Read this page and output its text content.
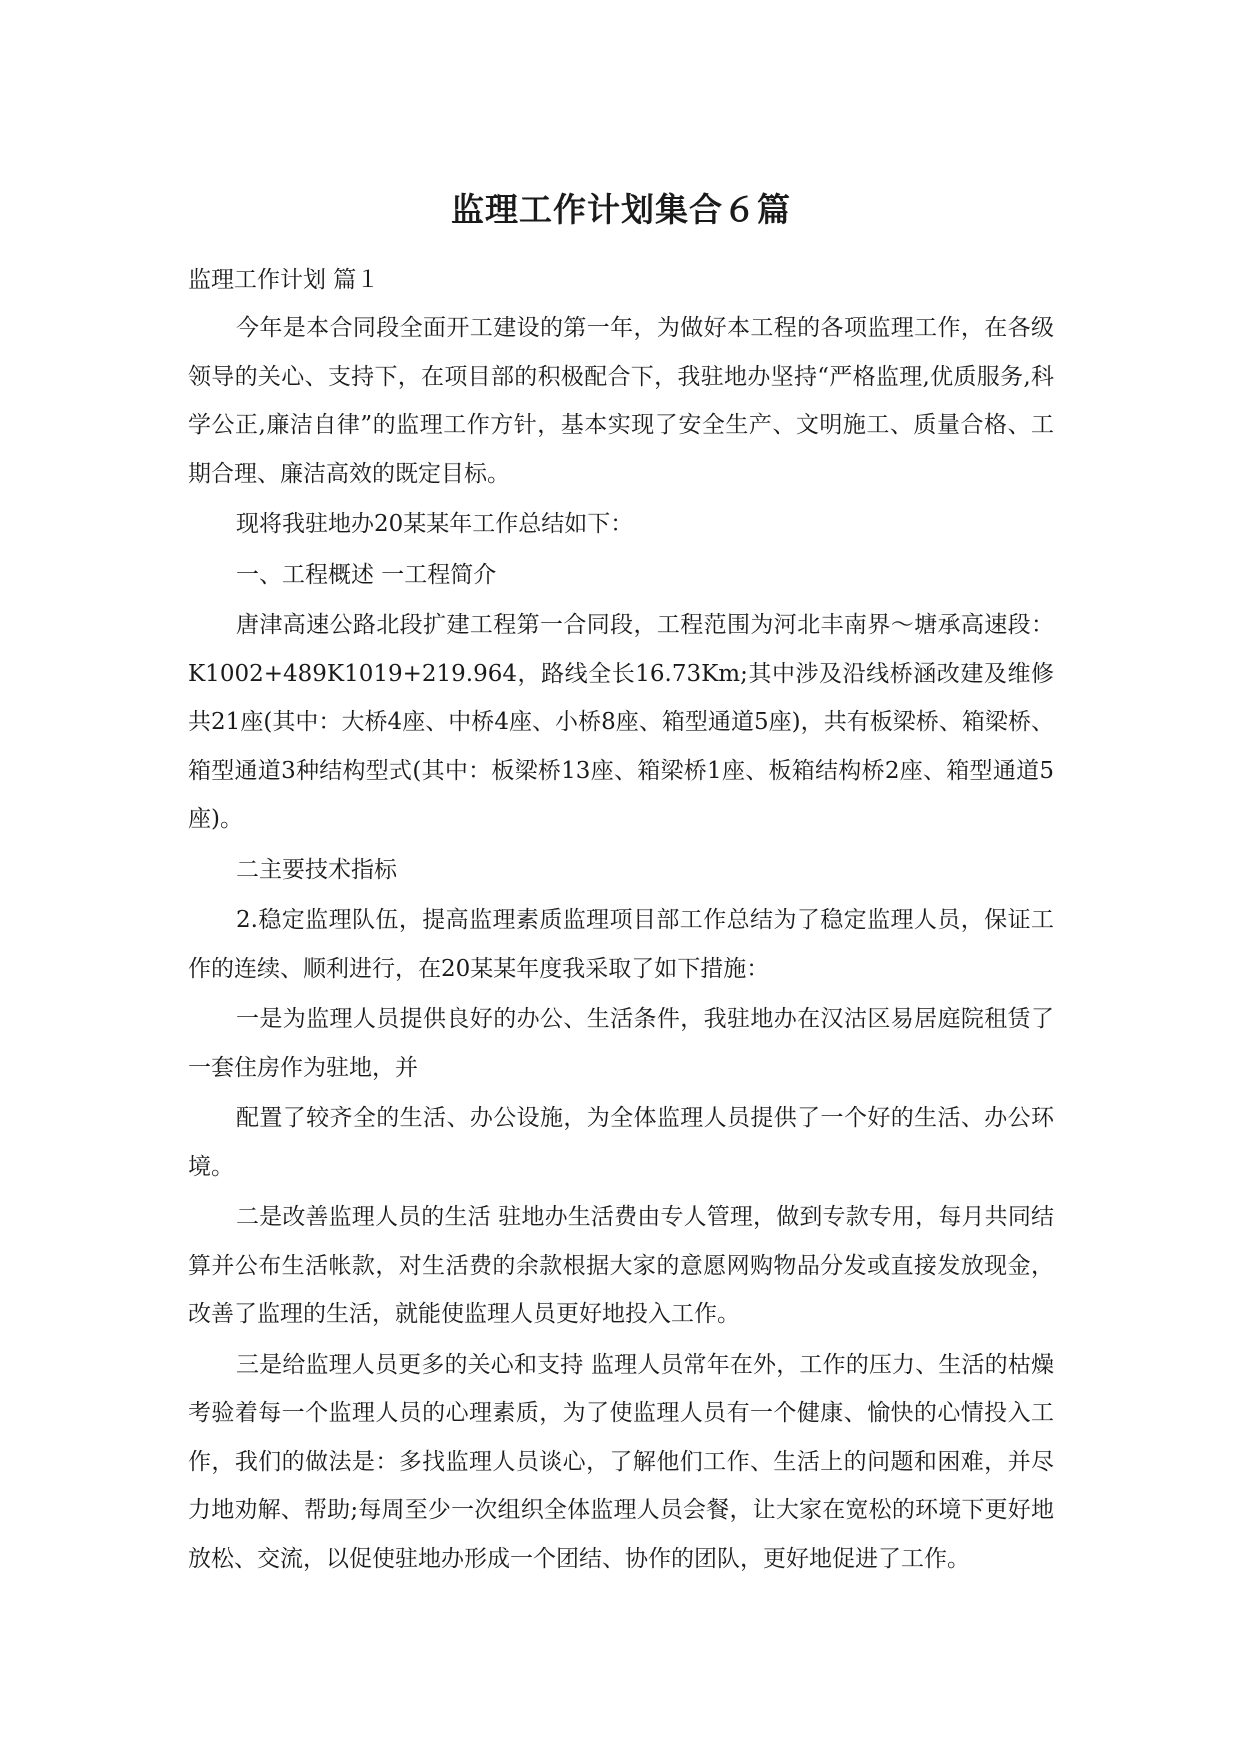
监理工作计划集合６篇

监理工作计划 篇１

今年是本合同段全面开工建设的第一年，为做好本工程的各项监理工作，在各级领导的关心、支持下，在项目部的积极配合下，我驻地办坚持“严格监理,优质服务,科学公正,廉洁自律”的监理工作方针，基本实现了安全生产、文明施工、质量合格、工期合理、廉洁高效的既定目标。

现将我驻地办20某某年工作总结如下：

一、工程概述 一工程简介

唐津高速公路北段扩建工程第一合同段，工程范围为河北丰南界～塘承高速段：K1002+489K1019+219.964，路线全长16.73Km;其中涉及沿线桥涵改建及维修共21座(其中：大桥4座、中桥4座、小桥8座、箱型通道5座)，共有板梁桥、箱梁桥、箱型通道3种结构型式(其中：板梁桥13座、箱梁桥1座、板箱结构桥2座、箱型通道5座)。

二主要技术指标

2.稳定监理队伍，提高监理素质监理项目部工作总结为了稳定监理人员，保证工作的连续、顺利进行，在20某某年度我采取了如下措施：

一是为监理人员提供良好的办公、生活条件，我驻地办在汉沽区易居庭院租赁了一套住房作为驻地，并

配置了较齐全的生活、办公设施，为全体监理人员提供了一个好的生活、办公环境。

二是改善监理人员的生活 驻地办生活费由专人管理，做到专款专用，每月共同结算并公布生活帐款，对生活费的余款根据大家的意愿网购物品分发或直接发放现金，改善了监理的生活，就能使监理人员更好地投入工作。

三是给监理人员更多的关心和支持 监理人员常年在外，工作的压力、生活的枯燥考验着每一个监理人员的心理素质，为了使监理人员有一个健康、愉快的心情投入工作，我们的做法是：多找监理人员谈心，了解他们工作、生活上的问题和困难，并尽力地劝解、帮助;每周至少一次组织全体监理人员会餐，让大家在宽松的环境下更好地放松、交流，以促使驻地办形成一个团结、协作的团队，更好地促进了工作。
